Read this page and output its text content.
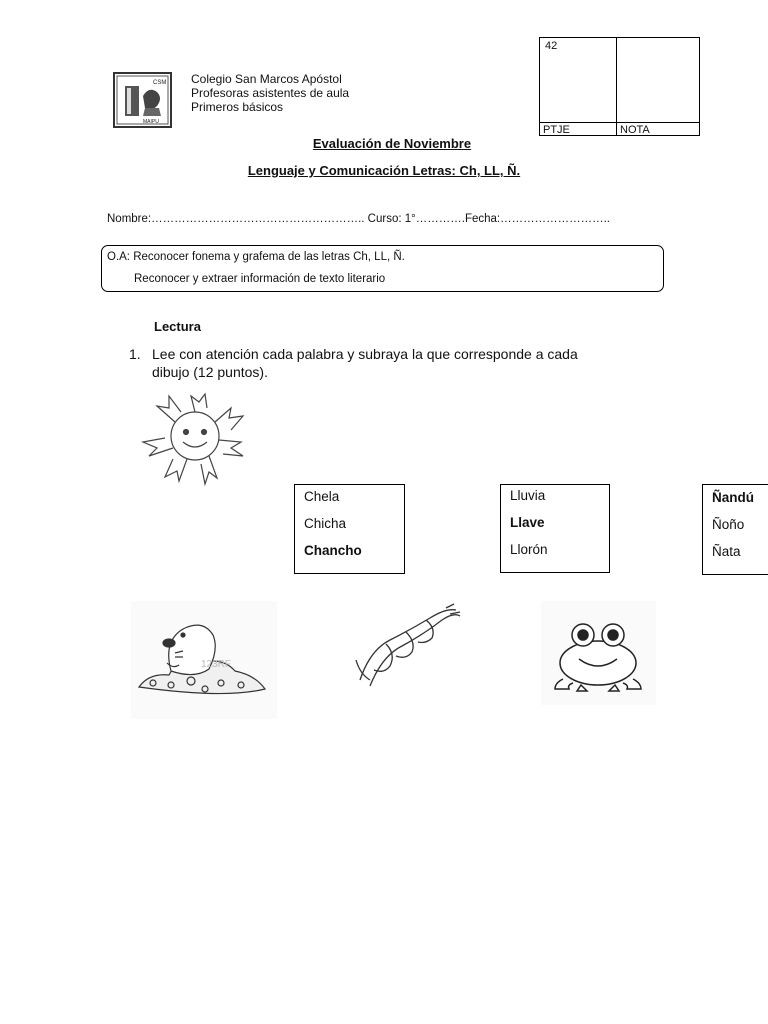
42
PTJE	NOTA
CSM
MAIPU
Colegio San Marcos Apóstol
Profesoras asistentes de aula
Primeros básicos
Evaluación de Noviembre
Lenguaje y Comunicación Letras: Ch, LL, Ñ.
Nombre:……………………………………………….. Curso: 1°………….Fecha:………………………..
O.A: Reconocer fonema y grafema de las letras Ch, LL, Ñ.
Reconocer y extraer información de texto literario
Lectura
1. Lee con atención cada palabra y subraya la que corresponde a cada
dibujo (12 puntos).
Chela
Chicha
Chancho
Lluvia
Llave
Llorón
Ñandú
Ñoño
Ñata
123RF
